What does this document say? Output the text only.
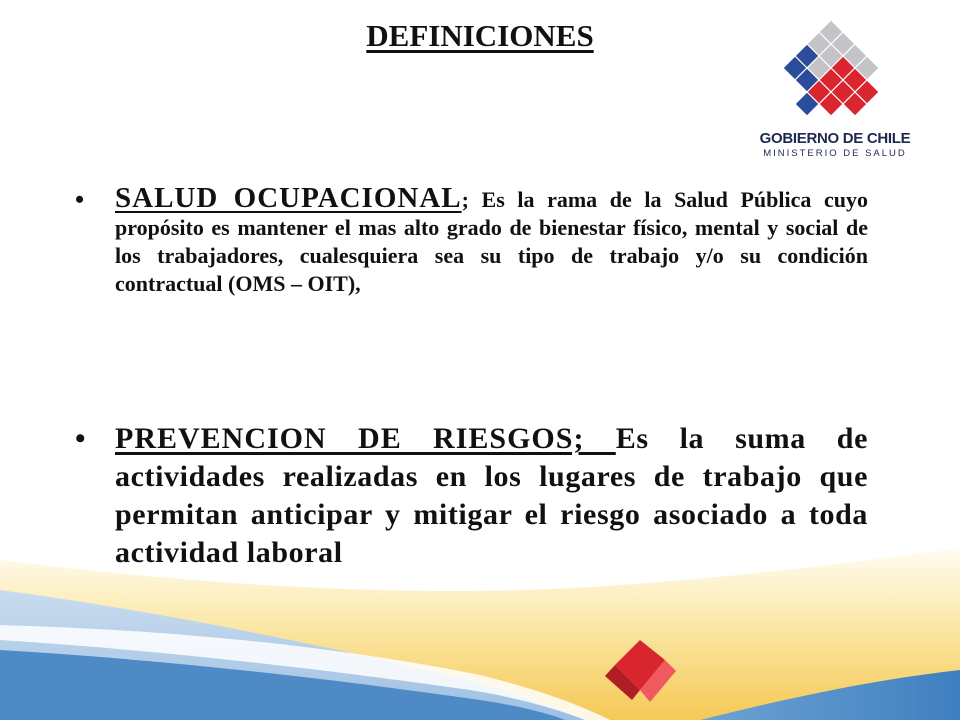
DEFINICIONES
GOBIERNO DE CHILE
MINISTERIO DE SALUD
• SALUD OCUPACIONAL; Es la rama de la Salud Pública cuyo propósito es mantener el mas alto grado de bienestar físico, mental y social de los trabajadores, cualesquiera sea su tipo de trabajo y/o su condición contractual (OMS – OIT),
• PREVENCION DE RIESGOS; Es la suma de actividades realizadas en los lugares de trabajo que permitan anticipar y mitigar el riesgo asociado a toda actividad laboral
